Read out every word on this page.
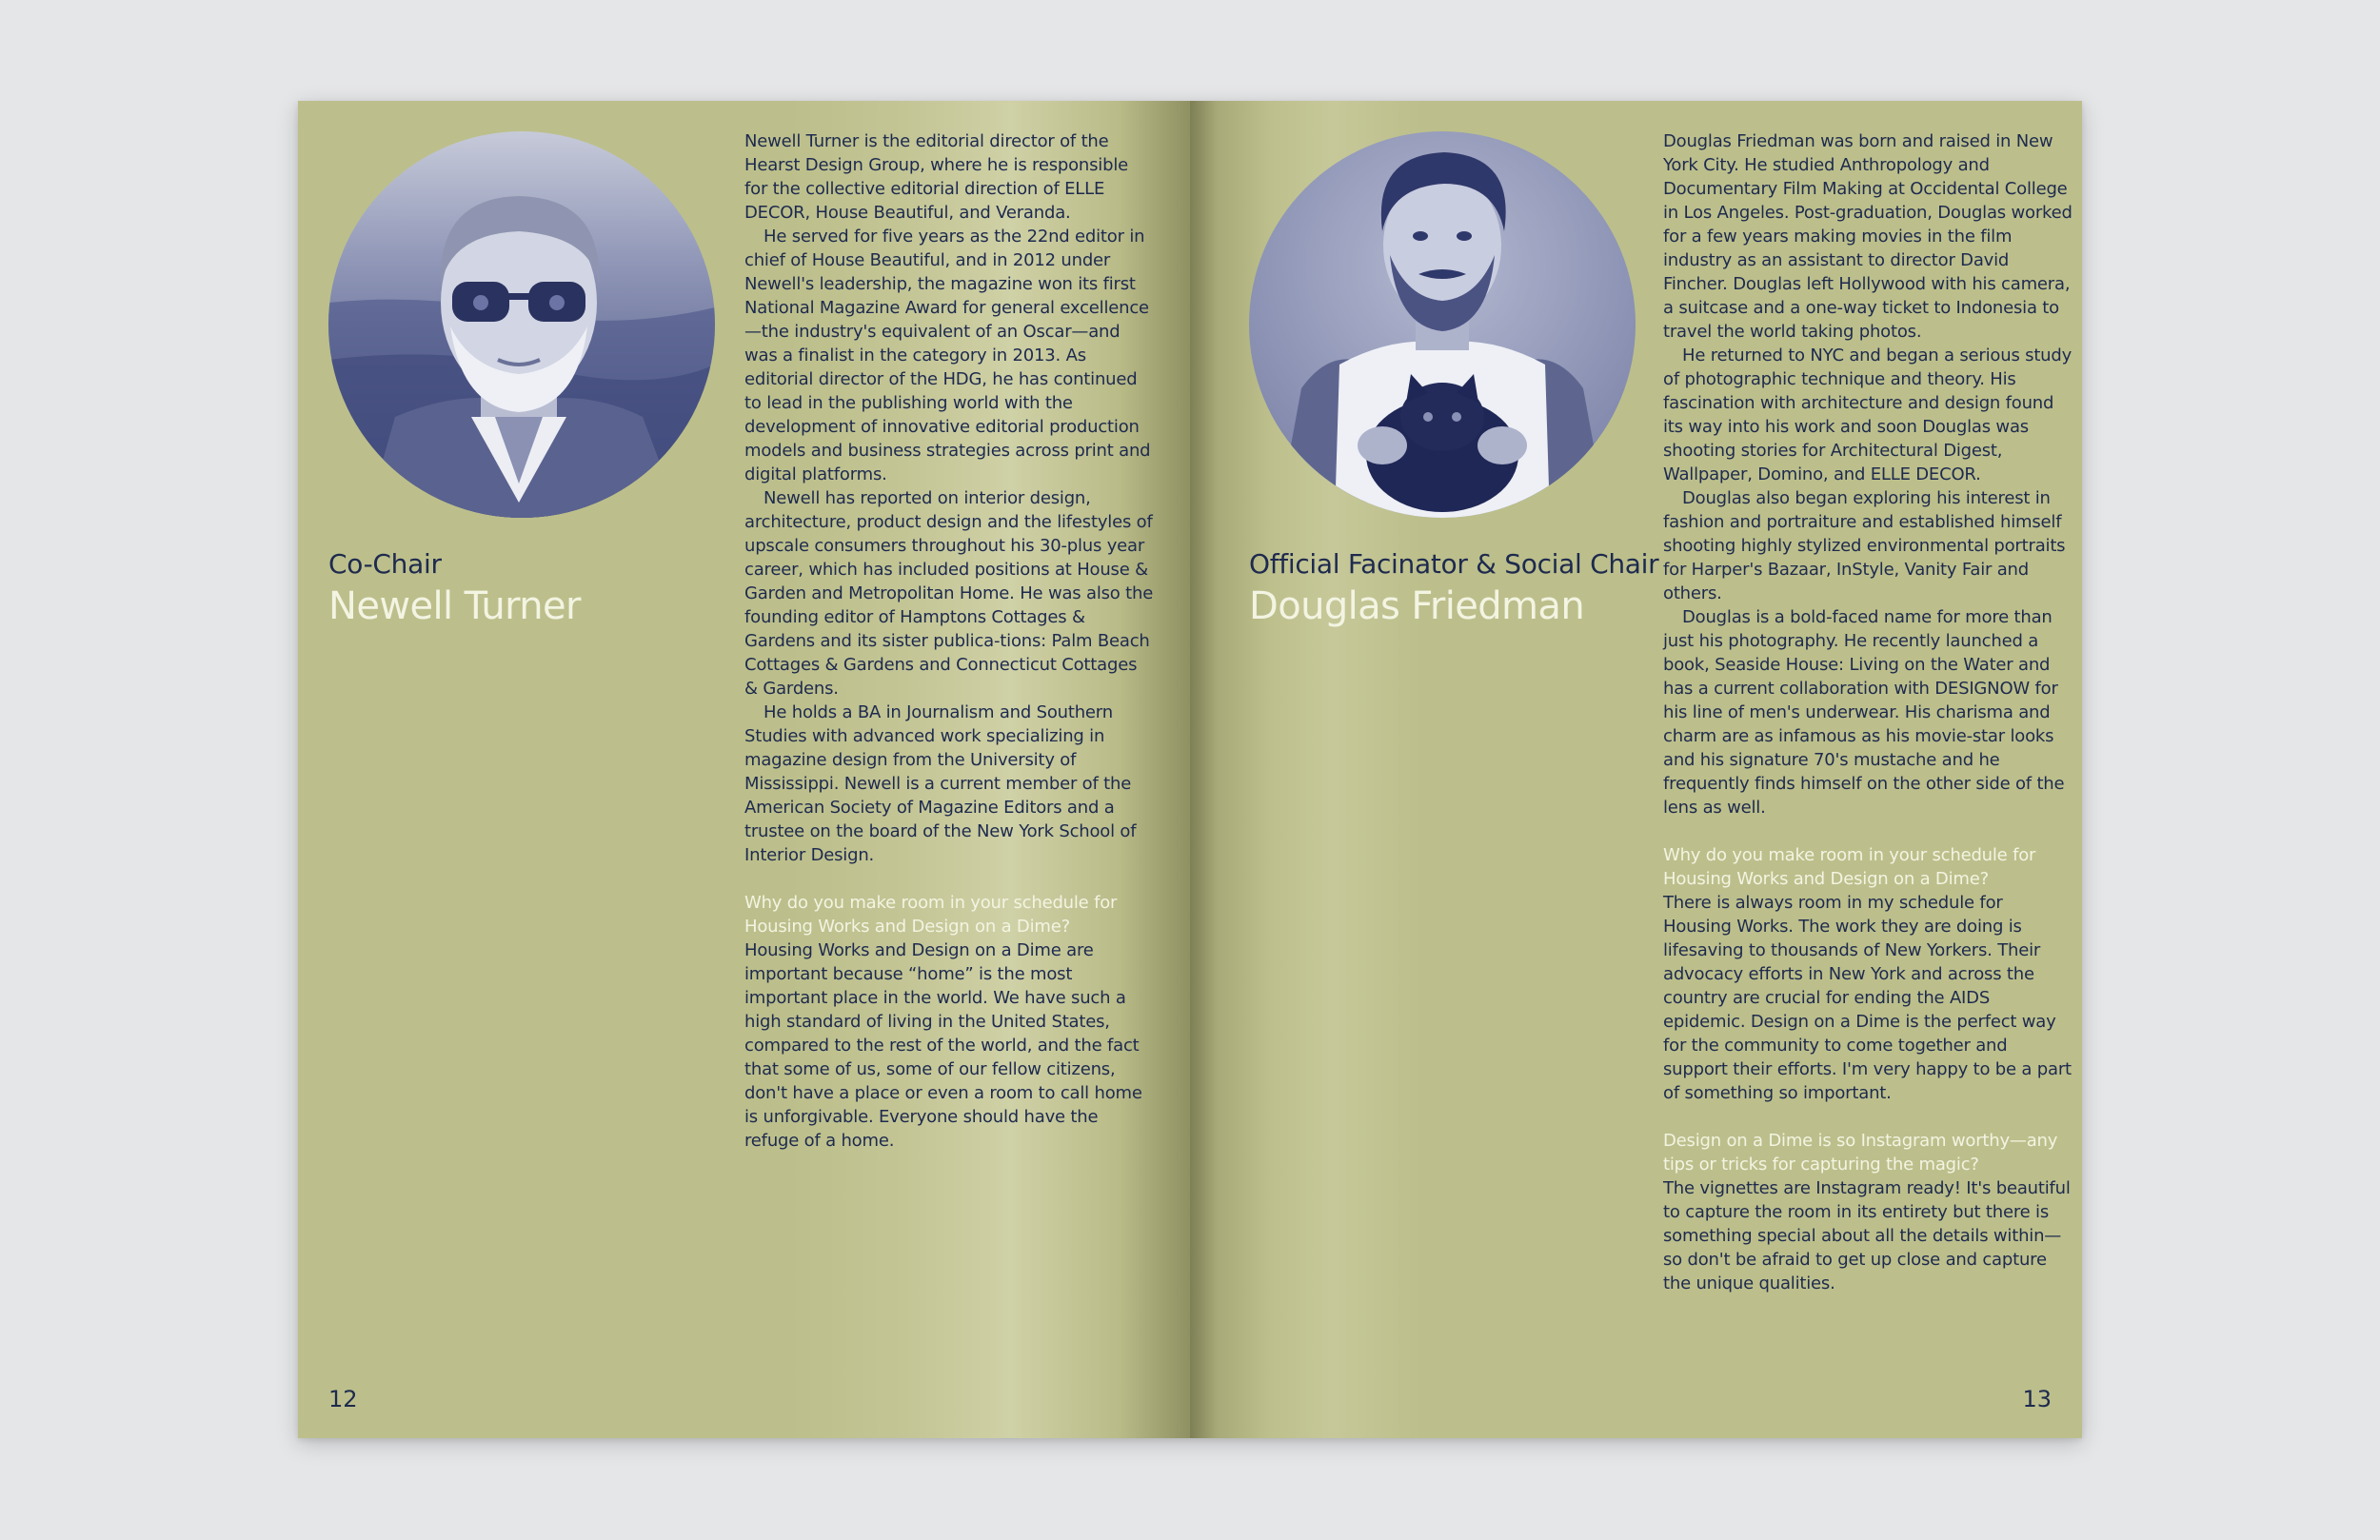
Co-Chair
Newell Turner

Newell Turner is the editorial director of the Hearst Design Group, where he is responsible for the collective editorial direction of ELLE DECOR, House Beautiful, and Veranda.

He served for five years as the 22nd editor in chief of House Beautiful, and in 2012 under Newell's leadership, the magazine won its first National Magazine Award for general excellence—the industry's equivalent of an Oscar—and was a finalist in the category in 2013. As editorial director of the HDG, he has continued to lead in the publishing world with the development of innovative editorial production models and business strategies across print and digital platforms.

Newell has reported on interior design, architecture, product design and the lifestyles of upscale consumers throughout his 30-plus year career, which has included positions at House & Garden and Metropolitan Home. He was also the founding editor of Hamptons Cottages & Gardens and its sister publica-tions: Palm Beach Cottages & Gardens and Connecticut Cottages & Gardens.

He holds a BA in Journalism and Southern Studies with advanced work specializing in magazine design from the University of Mississippi. Newell is a current member of the American Society of Magazine Editors and a trustee on the board of the New York School of Interior Design.

Why do you make room in your schedule for Housing Works and Design on a Dime?

Housing Works and Design on a Dime are important because “home” is the most important place in the world. We have such a high standard of living in the United States, compared to the rest of the world, and the fact that some of us, some of our fellow citizens, don't have a place or even a room to call home is unforgivable. Everyone should have the refuge of a home.

12
Official Facinator & Social Chair
Douglas Friedman

Douglas Friedman was born and raised in New York City. He studied Anthropology and Documentary Film Making at Occidental College in Los Angeles. Post-graduation, Douglas worked for a few years making movies in the film industry as an assistant to director David Fincher. Douglas left Hollywood with his camera, a suitcase and a one-way ticket to Indonesia to travel the world taking photos.

He returned to NYC and began a serious study of photographic technique and theory. His fascination with architecture and design found its way into his work and soon Douglas was shooting stories for Architectural Digest, Wallpaper, Domino, and ELLE DECOR.

Douglas also began exploring his interest in fashion and portraiture and established himself shooting highly stylized environmental portraits for Harper's Bazaar, InStyle, Vanity Fair and others.

Douglas is a bold-faced name for more than just his photography. He recently launched a book, Seaside House: Living on the Water and has a current collaboration with DESIGNOW for his line of men's underwear. His charisma and charm are as infamous as his movie-star looks and his signature 70's mustache and he frequently finds himself on the other side of the lens as well.

Why do you make room in your schedule for Housing Works and Design on a Dime?

There is always room in my schedule for Housing Works. The work they are doing is lifesaving to thousands of New Yorkers. Their advocacy efforts in New York and across the country are crucial for ending the AIDS epidemic. Design on a Dime is the perfect way for the community to come together and support their efforts. I'm very happy to be a part of something so important.

Design on a Dime is so Instagram worthy—any tips or tricks for capturing the magic?

The vignettes are Instagram ready! It's beautiful to capture the room in its entirety but there is something special about all the details within—so don't be afraid to get up close and capture the unique qualities.

13
